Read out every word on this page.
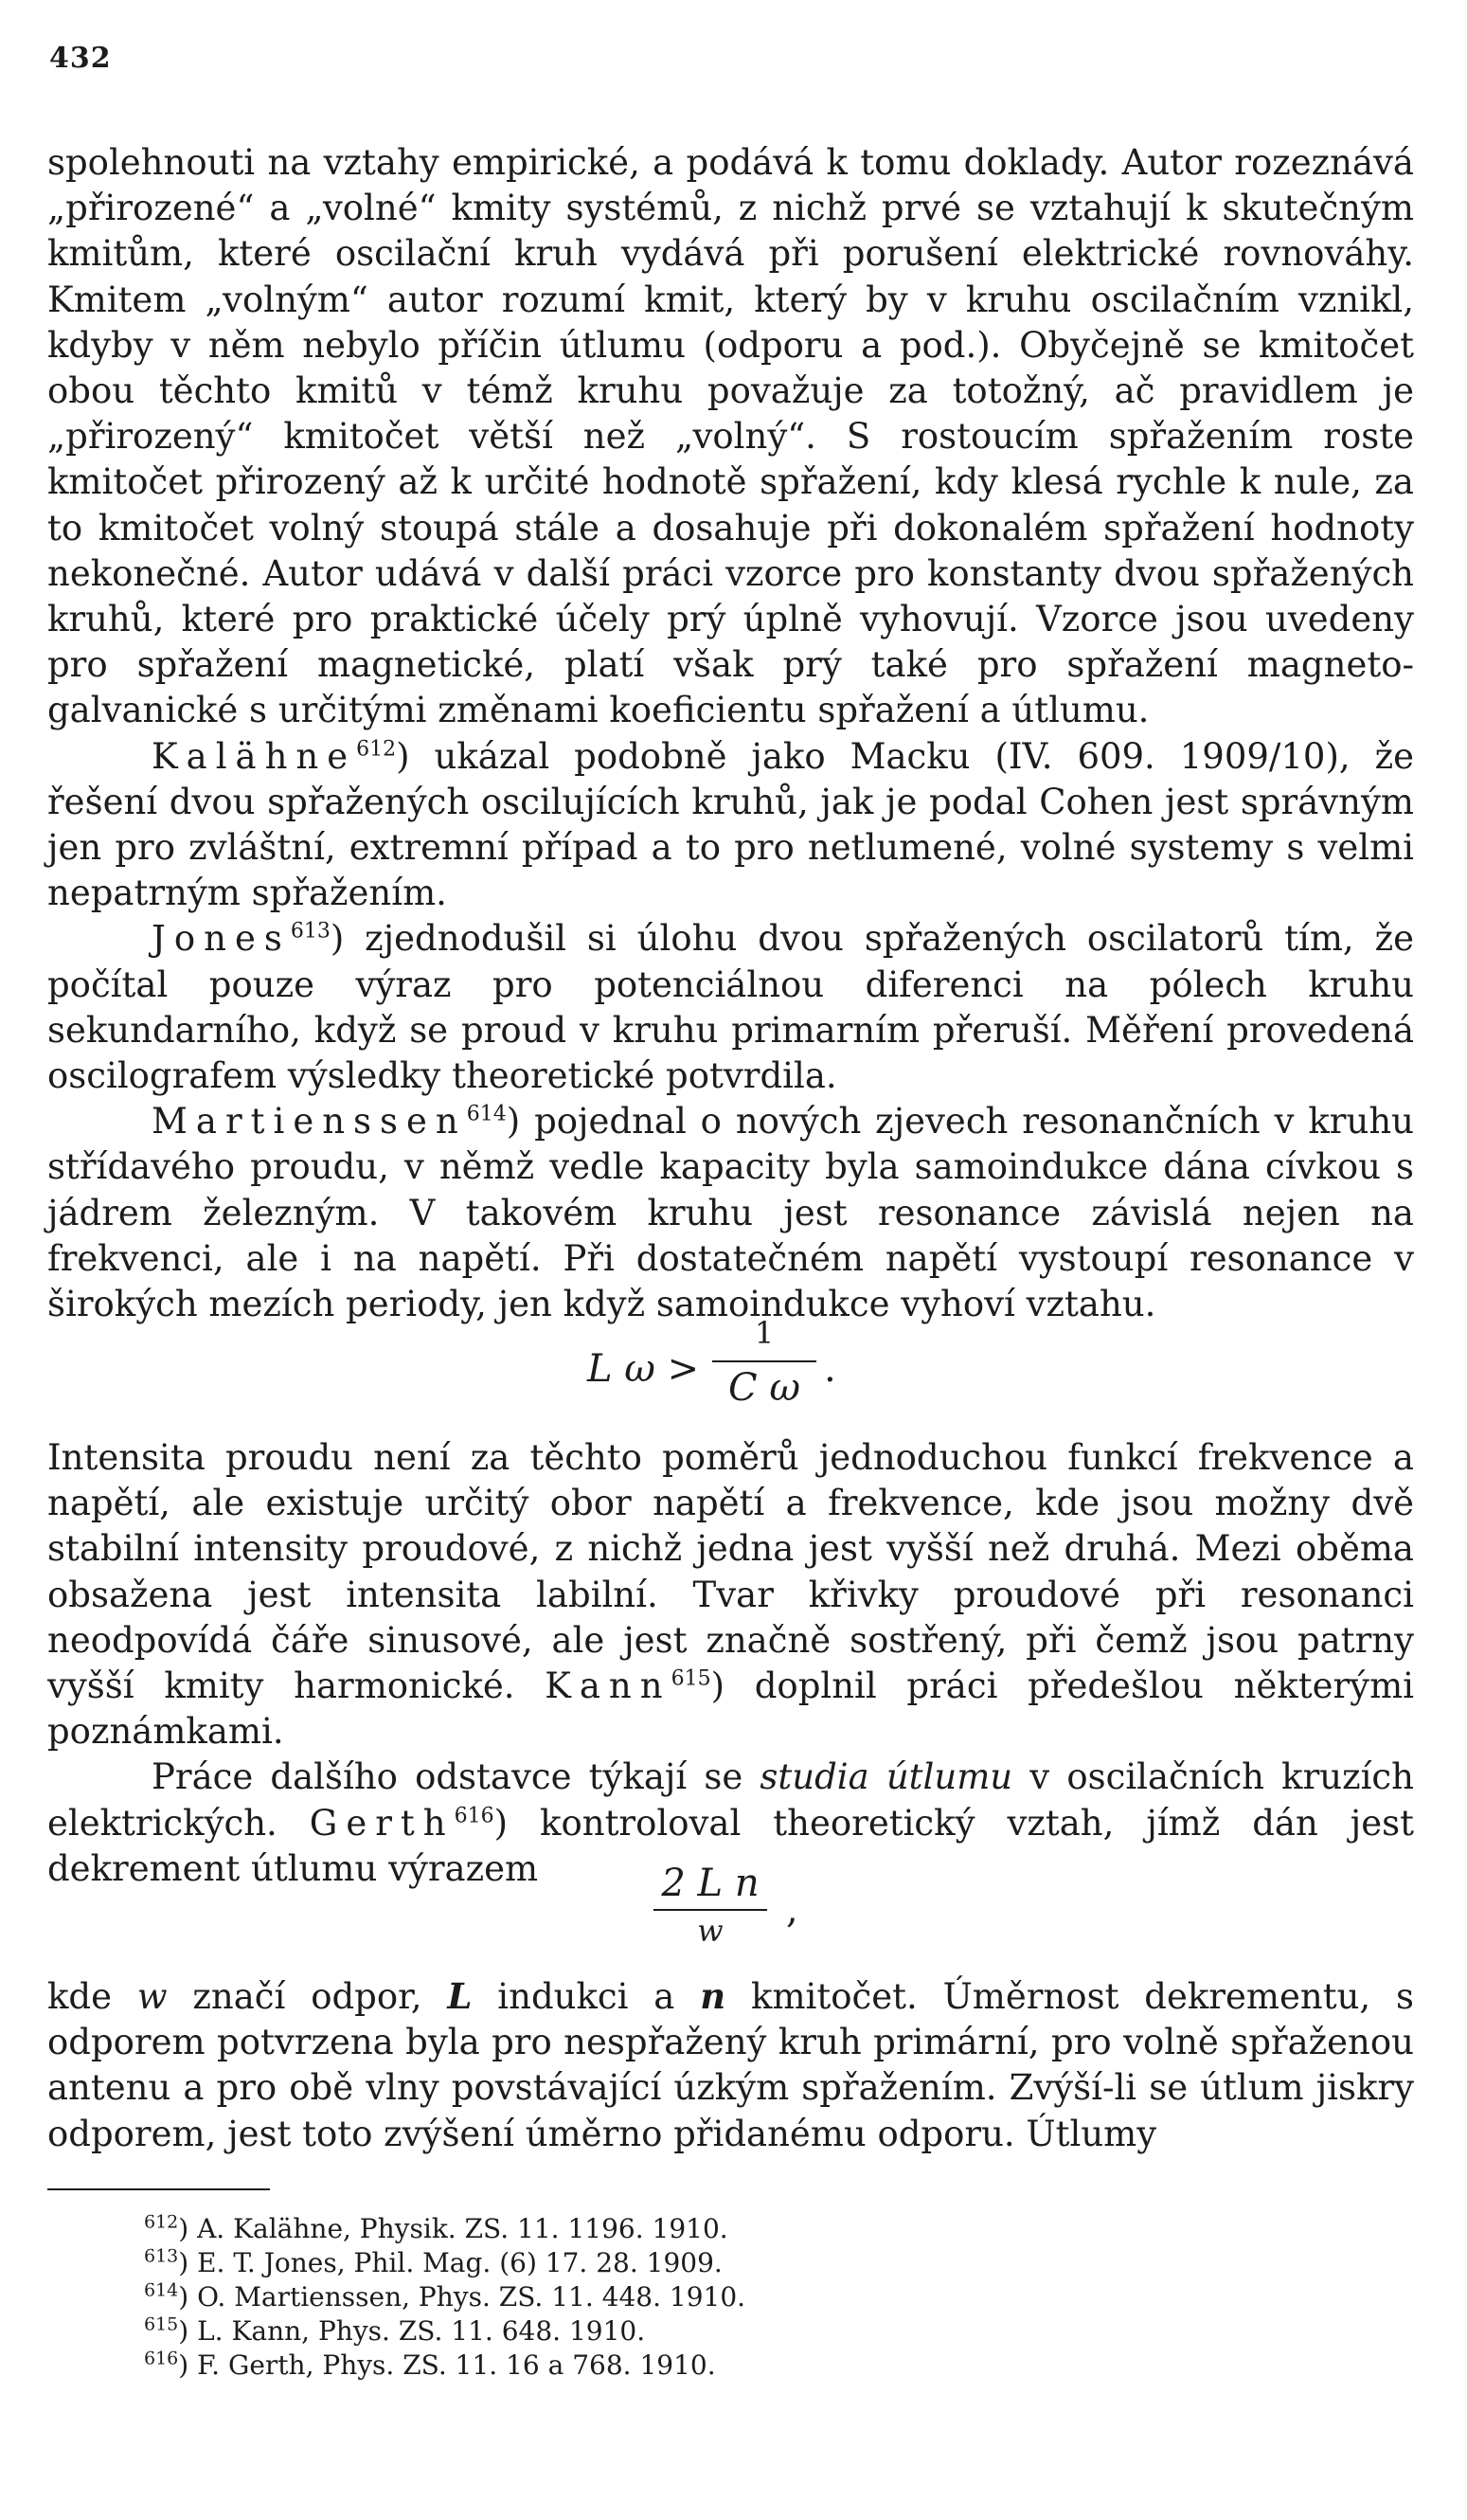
432

spolehnouti na vztahy empirické, a podává k tomu doklady. Autor rozeznává „přirozené“ a „volné“ kmity systémů, z nichž prvé se vztahují k skutečným kmitům, které oscilační kruh vydává při porušení elektrické rovnováhy. Kmitem „volným“ autor rozumí kmit, který by v kruhu oscilačním vznikl, kdyby v něm nebylo příčin útlumu (odporu a pod.). Obyčejně se kmitočet obou těchto kmitů v témž kruhu považuje za totožný, ač pravidlem je „přirozený“ kmitočet větší než „volný“. S rostoucím spřažením roste kmitočet přirozený až k určité hodnotě spřažení, kdy klesá rychle k nule, za to kmitočet volný stoupá stále a dosahuje při dokonalém spřažení hodnoty nekonečné. Autor udává v další práci vzorce pro konstanty dvou spřažených kruhů, které pro praktické účely prý úplně vyhovují. Vzorce jsou uvedeny pro spřažení magnetické, platí však prý také pro spřažení magneto-galvanické s určitými změnami koeficientu spřažení a útlumu.

Kalähne$^{612}$) ukázal podobně jako Macku (IV. 609. 1909/10), že řešení dvou spřažených oscilujících kruhů, jak je podal Cohen jest správným jen pro zvláštní, extremní případ a to pro netlumené, volné systemy s velmi nepatrným spřažením.

Jones$^{613}$) zjednodušil si úlohu dvou spřažených oscilatorů tím, že počítal pouze výraz pro potenciálnou diferenci na pólech kruhu sekundarního, když se proud v kruhu primarním přeruší. Měření provedená oscilografem výsledky theoretické potvrdila.

Martienssen$^{614}$) pojednal o nových zjevech resonančních v kruhu střídavého proudu, v němž vedle kapacity byla samoindukce dána cívkou s jádrem železným. V takovém kruhu jest resonance závislá nejen na frekvenci, ale i na napětí. Při dostatečném napětí vystoupí resonance v širokých mezích periody, jen když samoindukce vyhoví vztahu.

L ω >
1
C ω .

Intensita proudu není za těchto poměrů jednoduchou funkcí frekvence a napětí, ale existuje určitý obor napětí a frekvence, kde jsou možny dvě stabilní intensity proudové, z nichž jedna jest vyšší než druhá. Mezi oběma obsažena jest intensita labilní. Tvar křivky proudové při resonanci neodpovídá čáře sinusové, ale jest značně sostřený, při čemž jsou patrny vyšší kmity harmonické. Kann$^{615}$) doplnil práci předešlou některými poznámkami.

Práce dalšího odstavce týkají se studia útlumu v oscilačních kruzích elektrických. Gerth$^{616}$) kontroloval theoretický vztah, jímž dán jest dekrement útlumu výrazem	2 L n
w	,

kde w značí odpor, L indukci a n kmitočet. Úměrnost dekrementu, s odporem potvrzena byla pro nespřažený kruh primární, pro volně spřaženou antenu a pro obě vlny povstávající úzkým spřažením. Zvýší-li se útlum jiskry odporem, jest toto zvýšení úměrno přidanému odporu. Útlumy

$^{612}$) A. Kalähne, Physik. ZS. 11. 1196. 1910.
$^{613}$) E. T. Jones, Phil. Mag. (6) 17. 28. 1909.
$^{614}$) O. Martienssen, Phys. ZS. 11. 448. 1910.
$^{615}$) L. Kann, Phys. ZS. 11. 648. 1910.
$^{616}$) F. Gerth, Phys. ZS. 11. 16 a 768. 1910.
